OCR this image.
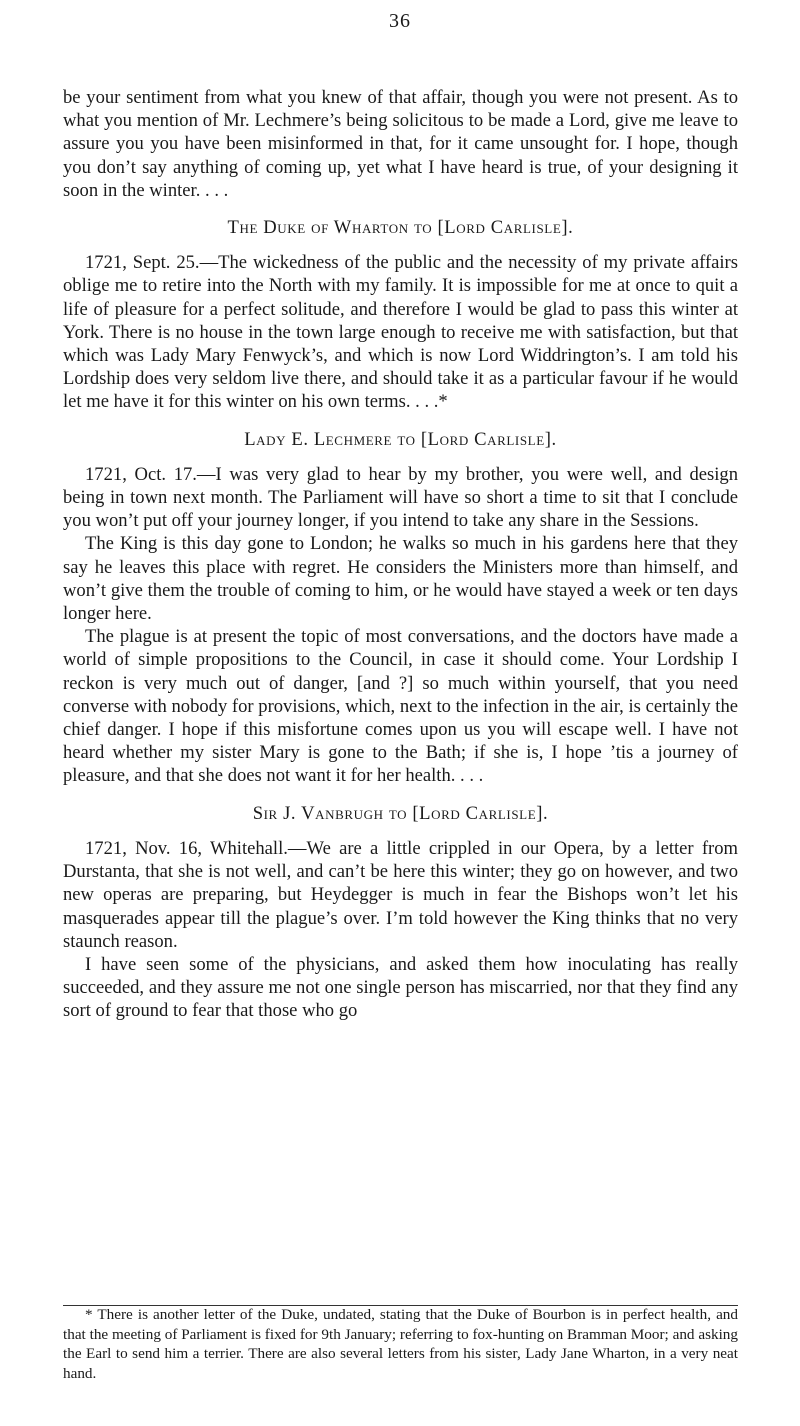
36

be your sentiment from what you knew of that affair, though you were not present. As to what you mention of Mr. Lechmere’s being solicitous to be made a Lord, give me leave to assure you you have been misinformed in that, for it came unsought for. I hope, though you don’t say anything of coming up, yet what I have heard is true, of your designing it soon in the winter. . . .

The Duke of Wharton to [Lord Carlisle].

1721, Sept. 25.—The wickedness of the public and the necessity of my private affairs oblige me to retire into the North with my family. It is impossible for me at once to quit a life of pleasure for a perfect solitude, and therefore I would be glad to pass this winter at York. There is no house in the town large enough to receive me with satisfaction, but that which was Lady Mary Fenwyck’s, and which is now Lord Widdrington’s. I am told his Lordship does very seldom live there, and should take it as a particular favour if he would let me have it for this winter on his own terms. . . .*

Lady E. Lechmere to [Lord Carlisle].

1721, Oct. 17.—I was very glad to hear by my brother, you were well, and design being in town next month. The Parliament will have so short a time to sit that I conclude you won’t put off your journey longer, if you intend to take any share in the Sessions.

The King is this day gone to London; he walks so much in his gardens here that they say he leaves this place with regret. He considers the Ministers more than himself, and won’t give them the trouble of coming to him, or he would have stayed a week or ten days longer here.

The plague is at present the topic of most conversations, and the doctors have made a world of simple propositions to the Council, in case it should come. Your Lordship I reckon is very much out of danger, [and ?] so much within yourself, that you need converse with nobody for provisions, which, next to the infection in the air, is certainly the chief danger. I hope if this misfortune comes upon us you will escape well. I have not heard whether my sister Mary is gone to the Bath; if she is, I hope ’tis a journey of pleasure, and that she does not want it for her health. . . .

Sir J. Vanbrugh to [Lord Carlisle].

1721, Nov. 16, Whitehall.—We are a little crippled in our Opera, by a letter from Durstanta, that she is not well, and can’t be here this winter; they go on however, and two new operas are preparing, but Heydegger is much in fear the Bishops won’t let his masquerades appear till the plague’s over. I’m told however the King thinks that no very staunch reason.

I have seen some of the physicians, and asked them how inoculating has really succeeded, and they assure me not one single person has miscarried, nor that they find any sort of ground to fear that those who go

* There is another letter of the Duke, undated, stating that the Duke of Bourbon is in perfect health, and that the meeting of Parliament is fixed for 9th January; referring to fox-hunting on Bramman Moor; and asking the Earl to send him a terrier. There are also several letters from his sister, Lady Jane Wharton, in a very neat hand.
